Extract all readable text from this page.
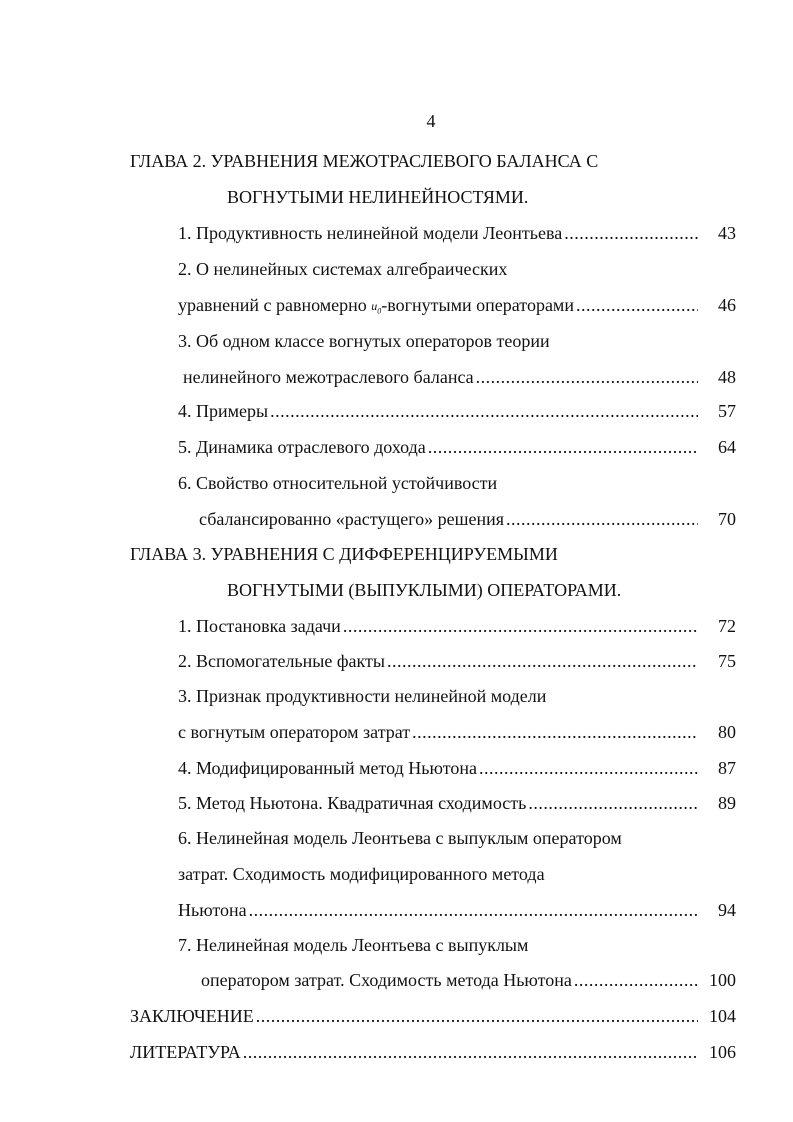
4
ГЛАВА 2. УРАВНЕНИЯ МЕЖОТРАСЛЕВОГО БАЛАНСА С
ВОГНУТЫМИ НЕЛИНЕЙНОСТЯМИ.
1. Продуктивность нелинейной модели Леонтьева .....	43
2. О нелинейных системах алгебраических
уравнений с равномерно $u_0$-вогнутыми операторами .....	46
3. Об одном классе вогнутых операторов теории
нелинейного межотраслевого баланса .....	48
4. Примеры .....	57
5. Динамика отраслевого дохода .....	64
6. Свойство относительной устойчивости
сбалансированно «растущего» решения .....	70
ГЛАВА 3. УРАВНЕНИЯ С ДИФФЕРЕНЦИРУЕМЫМИ
ВОГНУТЫМИ (ВЫПУКЛЫМИ) ОПЕРАТОРАМИ.
1. Постановка задачи .....	72
2. Вспомогательные факты .....	75
3. Признак продуктивности нелинейной модели
с вогнутым оператором затрат .....	80
4. Модифицированный метод Ньютона .....	87
5. Метод Ньютона. Квадратичная сходимость .....	89
6. Нелинейная модель Леонтьева с выпуклым оператором
затрат. Сходимость модифицированного метода
Ньютона .....	94
7. Нелинейная модель Леонтьева с выпуклым
оператором затрат. Сходимость метода Ньютона .....	100
ЗАКЛЮЧЕНИЕ .....	104
ЛИТЕРАТУРА .....	106
